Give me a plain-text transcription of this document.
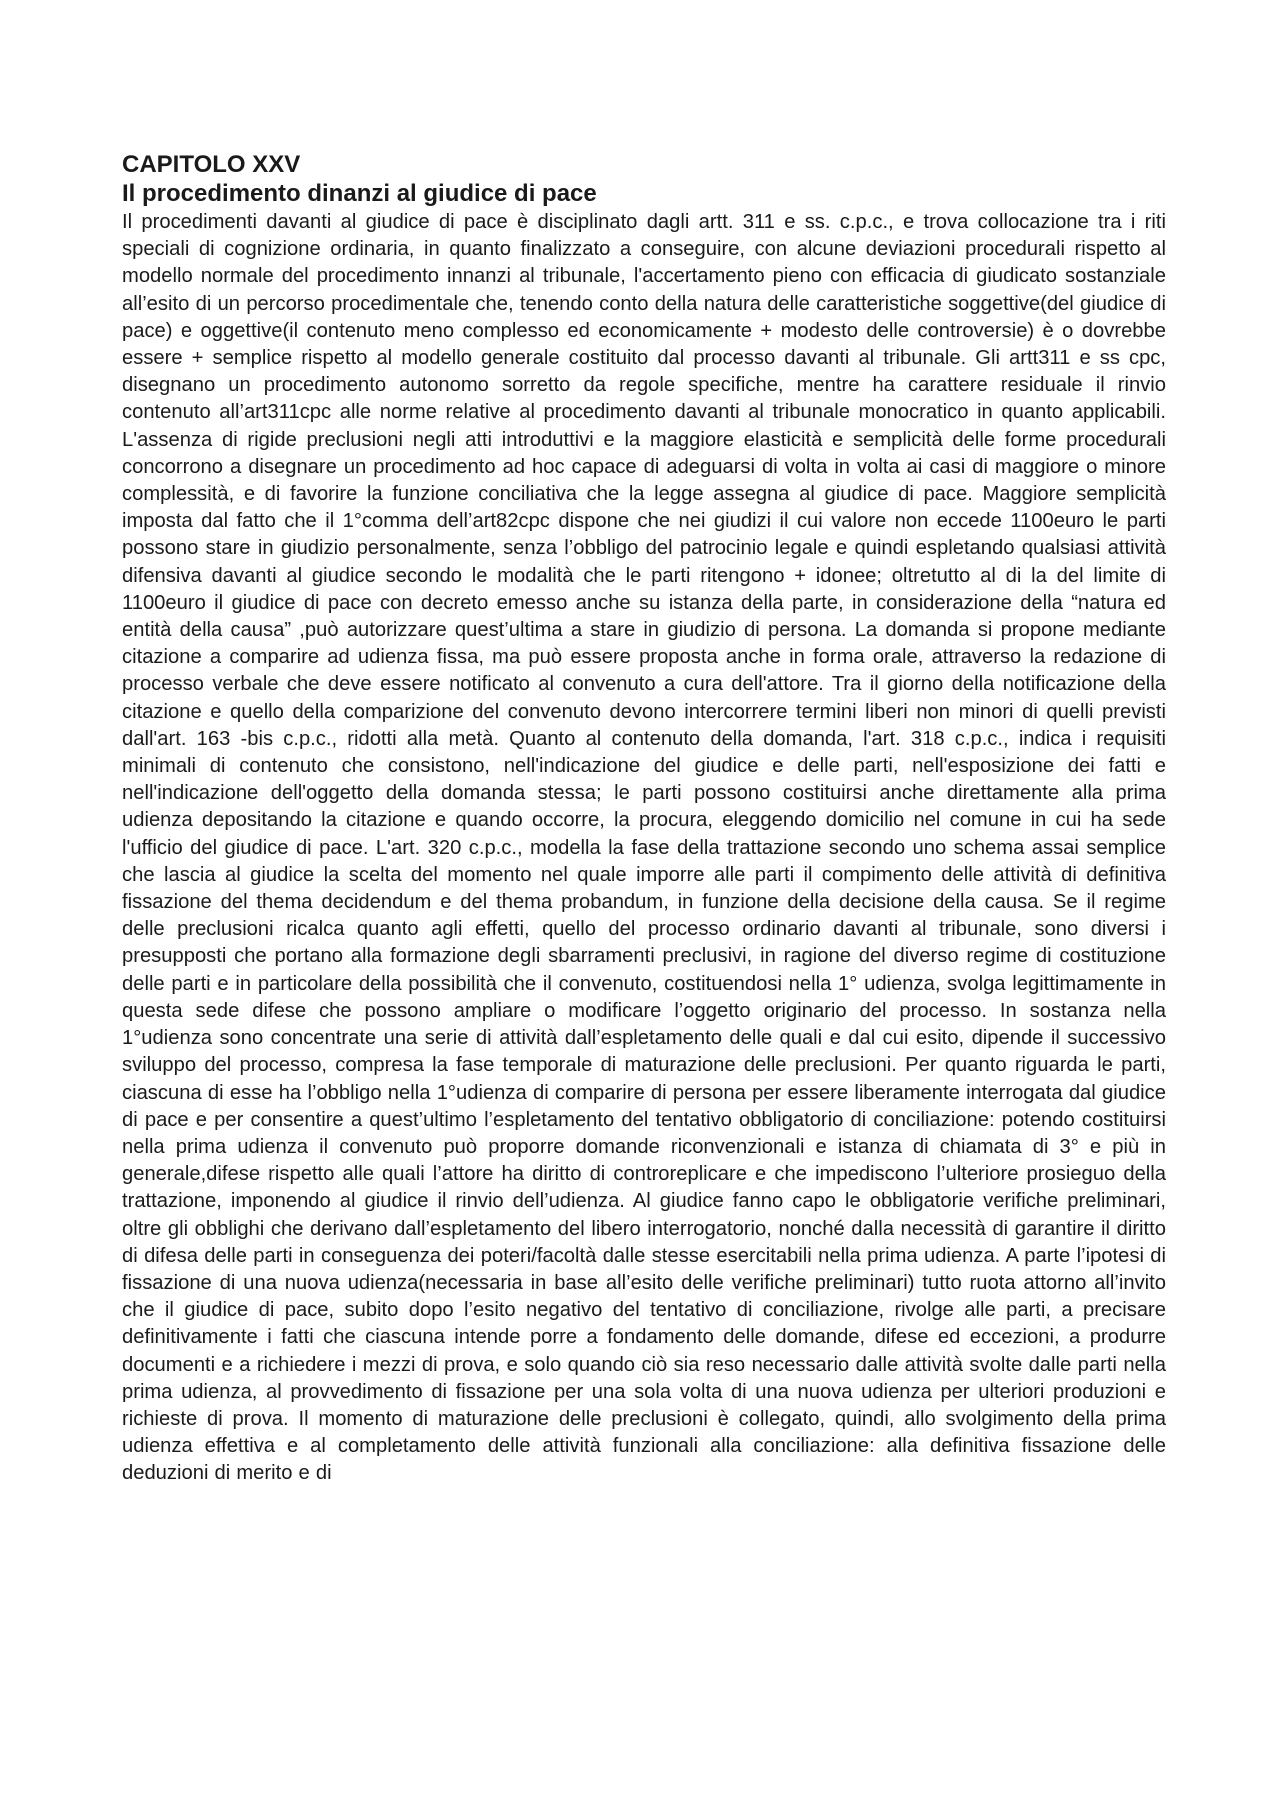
CAPITOLO XXV
Il procedimento dinanzi al giudice di pace

Il procedimenti davanti al giudice di pace è disciplinato dagli artt. 311 e ss. c.p.c., e trova collocazione tra i riti speciali di cognizione ordinaria, in quanto finalizzato a conseguire, con alcune deviazioni procedurali rispetto al modello normale del procedimento innanzi al tribunale, l'accertamento pieno con efficacia di giudicato sostanziale all’esito di un percorso procedimentale che, tenendo conto della natura delle caratteristiche soggettive(del giudice di pace) e oggettive(il contenuto meno complesso ed economicamente + modesto delle controversie) è o dovrebbe essere + semplice rispetto al modello generale costituito dal processo davanti al tribunale. Gli artt311 e ss cpc, disegnano un procedimento autonomo sorretto da regole specifiche, mentre ha carattere residuale il rinvio contenuto all’art311cpc alle norme relative al procedimento davanti al tribunale monocratico in quanto applicabili. L'assenza di rigide preclusioni negli atti introduttivi e la maggiore elasticità e semplicità delle forme procedurali concorrono a disegnare un procedimento ad hoc capace di adeguarsi di volta in volta ai casi di maggiore o minore complessità, e di favorire la funzione conciliativa che la legge assegna al giudice di pace. Maggiore semplicità imposta dal fatto che il 1°comma dell’art82cpc dispone che nei giudizi il cui valore non eccede 1100euro le parti possono stare in giudizio personalmente, senza l’obbligo del patrocinio legale e quindi espletando qualsiasi attività difensiva davanti al giudice secondo le modalità che le parti ritengono + idonee; oltretutto al di la del limite di 1100euro il giudice di pace con decreto emesso anche su istanza della parte, in considerazione della “natura ed entità della causa” ,può autorizzare quest’ultima a stare in giudizio di persona. La domanda si propone mediante citazione a comparire ad udienza fissa, ma può essere proposta anche in forma orale, attraverso la redazione di processo verbale che deve essere notificato al convenuto a cura dell'attore. Tra il giorno della notificazione della citazione e quello della comparizione del convenuto devono intercorrere termini liberi non minori di quelli previsti dall'art. 163 -bis c.p.c., ridotti alla metà. Quanto al contenuto della domanda, l'art. 318 c.p.c., indica i requisiti minimali di contenuto che consistono, nell'indicazione del giudice e delle parti, nell'esposizione dei fatti e nell'indicazione dell'oggetto della domanda stessa; le parti possono costituirsi anche direttamente alla prima udienza depositando la citazione e quando occorre, la procura, eleggendo domicilio nel comune in cui ha sede l'ufficio del giudice di pace. L'art. 320 c.p.c., modella la fase della trattazione secondo uno schema assai semplice che lascia al giudice la scelta del momento nel quale imporre alle parti il compimento delle attività di definitiva fissazione del thema decidendum e del thema probandum, in funzione della decisione della causa. Se il regime delle preclusioni ricalca quanto agli effetti, quello del processo ordinario davanti al tribunale, sono diversi i presupposti che portano alla formazione degli sbarramenti preclusivi, in ragione del diverso regime di costituzione delle parti e in particolare della possibilità che il convenuto, costituendosi nella 1° udienza, svolga legittimamente in questa sede difese che possono ampliare o modificare l’oggetto originario del processo. In sostanza nella 1°udienza sono concentrate una serie di attività dall’espletamento delle quali e dal cui esito, dipende il successivo sviluppo del processo, compresa la fase temporale di maturazione delle preclusioni. Per quanto riguarda le parti, ciascuna di esse ha l’obbligo nella 1°udienza di comparire di persona per essere liberamente interrogata dal giudice di pace e per consentire a quest’ultimo l’espletamento del tentativo obbligatorio di conciliazione: potendo costituirsi nella prima udienza il convenuto può proporre domande riconvenzionali e istanza di chiamata di 3° e più in generale,difese rispetto alle quali l’attore ha diritto di controreplicare e che impediscono l’ulteriore prosieguo della trattazione, imponendo al giudice il rinvio dell’udienza. Al giudice fanno capo le obbligatorie verifiche preliminari, oltre gli obblighi che derivano dall’espletamento del libero interrogatorio, nonché dalla necessità di garantire il diritto di difesa delle parti in conseguenza dei poteri/facoltà dalle stesse esercitabili nella prima udienza. A parte l’ipotesi di fissazione di una nuova udienza(necessaria in base all’esito delle verifiche preliminari) tutto ruota attorno all’invito che il giudice di pace, subito dopo l’esito negativo del tentativo di conciliazione, rivolge alle parti, a precisare definitivamente i fatti che ciascuna intende porre a fondamento delle domande, difese ed eccezioni, a produrre documenti e a richiedere i mezzi di prova, e solo quando ciò sia reso necessario dalle attività svolte dalle parti nella prima udienza, al provvedimento di fissazione per una sola volta di una nuova udienza per ulteriori produzioni e richieste di prova. Il momento di maturazione delle preclusioni è collegato, quindi, allo svolgimento della prima udienza effettiva e al completamento delle attività funzionali alla conciliazione: alla definitiva fissazione delle deduzioni di merito e di
